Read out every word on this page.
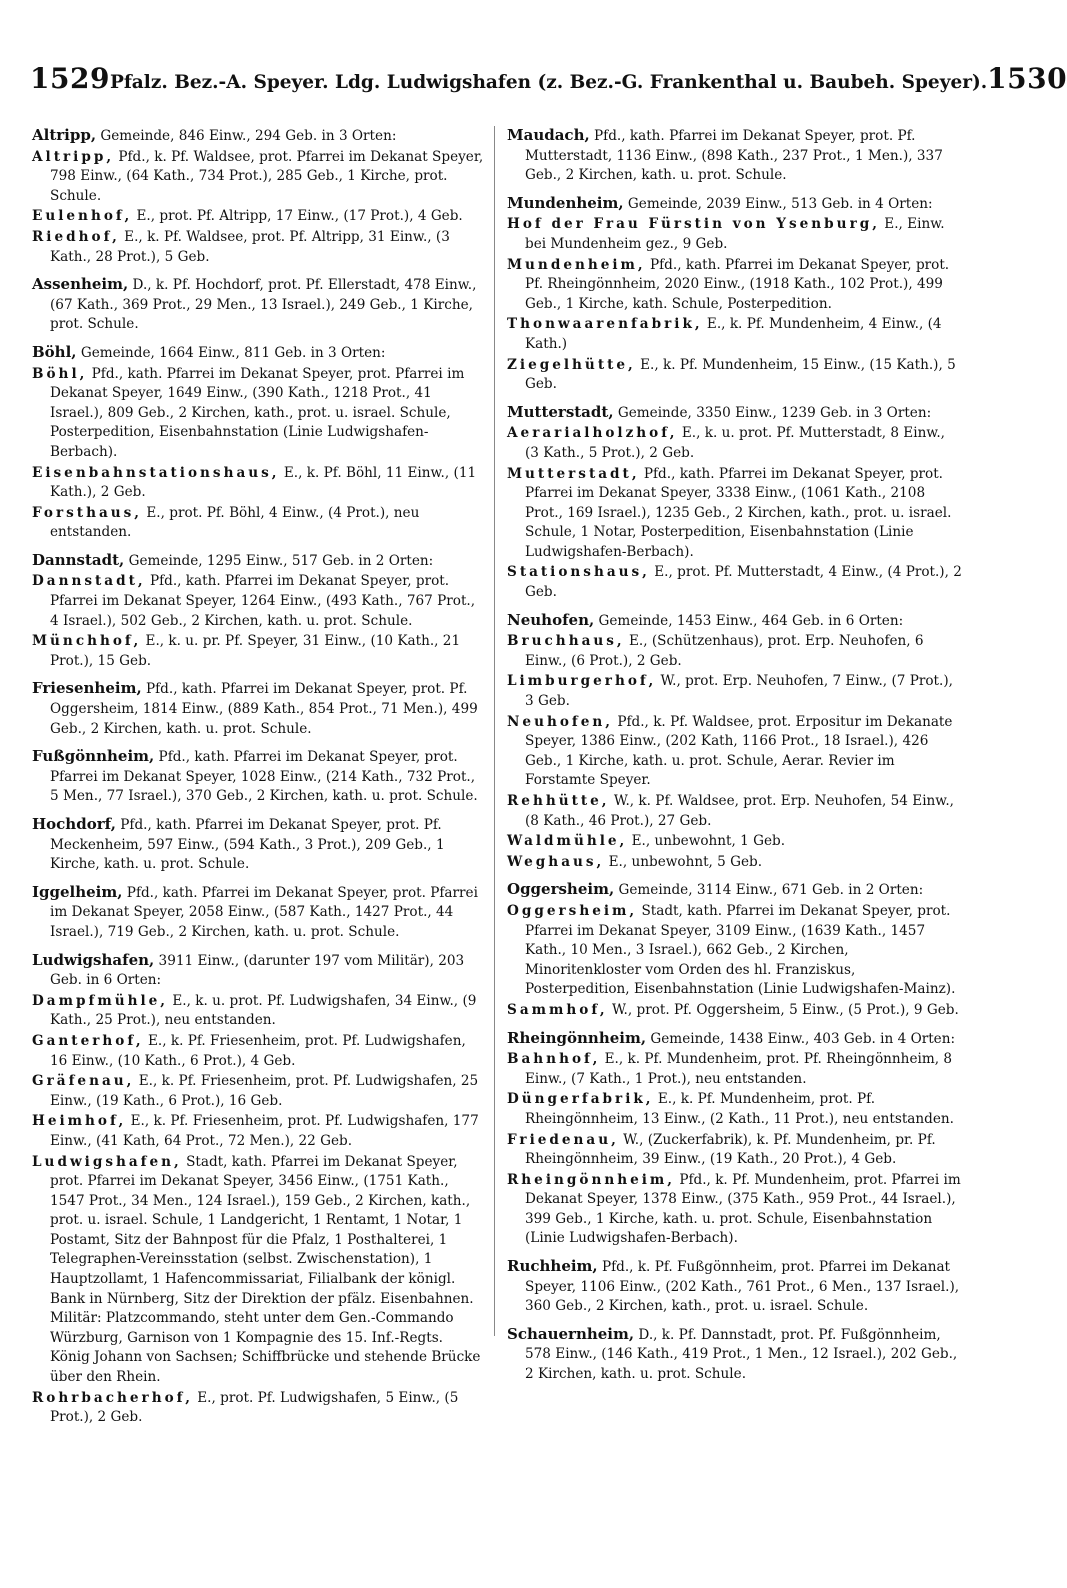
1529 Pfalz. Bez.-A. Speyer. Ldg. Ludwigshafen (z. Bez.-G. Frankenthal u. Baubeh. Speyer). 1530
Altripp, Gemeinde, 846 Einw., 294 Geb. in 3 Orten:
Altripp, Pfd., k. Pf. Waldsee, prot. Pfarrei im Dekanat Speyer, 798 Einw., (64 Kath., 734 Prot.), 285 Geb., 1 Kirche, prot. Schule.
Eulenhof, E., prot. Pf. Altripp, 17 Einw., (17 Prot.), 4 Geb.
Riedhof, E., k. Pf. Waldsee, prot. Pf. Altripp, 31 Einw., (3 Kath., 28 Prot.), 5 Geb.
Assenheim, D., k. Pf. Hochdorf, prot. Pf. Ellerstadt, 478 Einw., (67 Kath., 369 Prot., 29 Men., 13 Israel.), 249 Geb., 1 Kirche, prot. Schule.
Böhl, Gemeinde, 1664 Einw., 811 Geb. in 3 Orten:
Böhl, Pfd., kath. Pfarrei im Dekanat Speyer, prot. Pfarrei im Dekanat Speyer, 1649 Einw., (390 Kath., 1218 Prot., 41 Israel.), 809 Geb., 2 Kirchen, kath., prot. u. israel. Schule, Posterpedition, Eisenbahnstation (Linie Ludwigshafen-Berbach).
Eisenbahnstationshaus, E., k. Pf. Böhl, 11 Einw., (11 Kath.), 2 Geb.
Forsthaus, E., prot. Pf. Böhl, 4 Einw., (4 Prot.), neu entstanden.
Dannstadt, Gemeinde, 1295 Einw., 517 Geb. in 2 Orten:
Dannstadt, Pfd., kath. Pfarrei im Dekanat Speyer, prot. Pfarrei im Dekanat Speyer, 1264 Einw., (493 Kath., 767 Prot., 4 Israel.), 502 Geb., 2 Kirchen, kath. u. prot. Schule.
Münchhof, E., k. u. pr. Pf. Speyer, 31 Einw., (10 Kath., 21 Prot.), 15 Geb.
Friesenheim, Pfd., kath. Pfarrei im Dekanat Speyer, prot. Pf. Oggersheim, 1814 Einw., (889 Kath., 854 Prot., 71 Men.), 499 Geb., 2 Kirchen, kath. u. prot. Schule.
Fußgönnheim, Pfd., kath. Pfarrei im Dekanat Speyer, prot. Pfarrei im Dekanat Speyer, 1028 Einw., (214 Kath., 732 Prot., 5 Men., 77 Israel.), 370 Geb., 2 Kirchen, kath. u. prot. Schule.
Hochdorf, Pfd., kath. Pfarrei im Dekanat Speyer, prot. Pf. Meckenheim, 597 Einw., (594 Kath., 3 Prot.), 209 Geb., 1 Kirche, kath. u. prot. Schule.
Iggelheim, Pfd., kath. Pfarrei im Dekanat Speyer, prot. Pfarrei im Dekanat Speyer, 2058 Einw., (587 Kath., 1427 Prot., 44 Israel.), 719 Geb., 2 Kirchen, kath. u. prot. Schule.
Ludwigshafen, 3911 Einw., (darunter 197 vom Militär), 203 Geb. in 6 Orten:
Dampfmühle, E., k. u. prot. Pf. Ludwigshafen, 34 Einw., (9 Kath., 25 Prot.), neu entstanden.
Ganterhof, E., k. Pf. Friesenheim, prot. Pf. Ludwigshafen, 16 Einw., (10 Kath., 6 Prot.), 4 Geb.
Gräfenau, E., k. Pf. Friesenheim, prot. Pf. Ludwigshafen, 25 Einw., (19 Kath., 6 Prot.), 16 Geb.
Heimhof, E., k. Pf. Friesenheim, prot. Pf. Ludwigshafen, 177 Einw., (41 Kath, 64 Prot., 72 Men.), 22 Geb.
Ludwigshafen, Stadt, kath. Pfarrei im Dekanat Speyer, prot. Pfarrei im Dekanat Speyer, 3456 Einw., (1751 Kath., 1547 Prot., 34 Men., 124 Israel.), 159 Geb., 2 Kirchen, kath., prot. u. israel. Schule, 1 Landgericht, 1 Rentamt, 1 Notar, 1 Postamt, Sitz der Bahnpost für die Pfalz, 1 Posthalterei, 1 Telegraphen-Vereinsstation (selbst. Zwischenstation), 1 Hauptzollamt, 1 Hafencommissariat, Filialbank der königl. Bank in Nürnberg, Sitz der Direktion der pfälz. Eisenbahnen. Militär: Platzcommando, steht unter dem Gen.-Commando Würzburg, Garnison von 1 Kompagnie des 15. Inf.-Regts. König Johann von Sachsen; Schiffbrücke und stehende Brücke über den Rhein.
Rohrbacherhof, E., prot. Pf. Ludwigshafen, 5 Einw., (5 Prot.), 2 Geb.
Maudach, Pfd., kath. Pfarrei im Dekanat Speyer, prot. Pf. Mutterstadt, 1136 Einw., (898 Kath., 237 Prot., 1 Men.), 337 Geb., 2 Kirchen, kath. u. prot. Schule.
Mundenheim, Gemeinde, 2039 Einw., 513 Geb. in 4 Orten:
Hof der Frau Fürstin von Ysenburg, E., Einw. bei Mundenheim gez., 9 Geb.
Mundenheim, Pfd., kath. Pfarrei im Dekanat Speyer, prot. Pf. Rheingönnheim, 2020 Einw., (1918 Kath., 102 Prot.), 499 Geb., 1 Kirche, kath. Schule, Posterpedition.
Thonwaarenfabrik, E., k. Pf. Mundenheim, 4 Einw., (4 Kath.)
Ziegelhütte, E., k. Pf. Mundenheim, 15 Einw., (15 Kath.), 5 Geb.
Mutterstadt, Gemeinde, 3350 Einw., 1239 Geb. in 3 Orten:
Aerarialholzhof, E., k. u. prot. Pf. Mutterstadt, 8 Einw., (3 Kath., 5 Prot.), 2 Geb.
Mutterstadt, Pfd., kath. Pfarrei im Dekanat Speyer, prot. Pfarrei im Dekanat Speyer, 3338 Einw., (1061 Kath., 2108 Prot., 169 Israel.), 1235 Geb., 2 Kirchen, kath., prot. u. israel. Schule, 1 Notar, Posterpedition, Eisenbahnstation (Linie Ludwigshafen-Berbach).
Stationshaus, E., prot. Pf. Mutterstadt, 4 Einw., (4 Prot.), 2 Geb.
Neuhofen, Gemeinde, 1453 Einw., 464 Geb. in 6 Orten:
Bruchhaus, E., (Schützenhaus), prot. Erp. Neuhofen, 6 Einw., (6 Prot.), 2 Geb.
Limburgerhof, W., prot. Erp. Neuhofen, 7 Einw., (7 Prot.), 3 Geb.
Neuhofen, Pfd., k. Pf. Waldsee, prot. Erpositur im Dekanate Speyer, 1386 Einw., (202 Kath, 1166 Prot., 18 Israel.), 426 Geb., 1 Kirche, kath. u. prot. Schule, Aerar. Revier im Forstamte Speyer.
Rehhütte, W., k. Pf. Waldsee, prot. Erp. Neuhofen, 54 Einw., (8 Kath., 46 Prot.), 27 Geb.
Waldmühle, E., unbewohnt, 1 Geb.
Weghaus, E., unbewohnt, 5 Geb.
Oggersheim, Gemeinde, 3114 Einw., 671 Geb. in 2 Orten:
Oggersheim, Stadt, kath. Pfarrei im Dekanat Speyer, prot. Pfarrei im Dekanat Speyer, 3109 Einw., (1639 Kath., 1457 Kath., 10 Men., 3 Israel.), 662 Geb., 2 Kirchen, Minoritenkloster vom Orden des hl. Franziskus, Posterpedition, Eisenbahnstation (Linie Ludwigshafen-Mainz).
Sammhof, W., prot. Pf. Oggersheim, 5 Einw., (5 Prot.), 9 Geb.
Rheingönnheim, Gemeinde, 1438 Einw., 403 Geb. in 4 Orten:
Bahnhof, E., k. Pf. Mundenheim, prot. Pf. Rheingönnheim, 8 Einw., (7 Kath., 1 Prot.), neu entstanden.
Düngerfabrik, E., k. Pf. Mundenheim, prot. Pf. Rheingönnheim, 13 Einw., (2 Kath., 11 Prot.), neu entstanden.
Friedenau, W., (Zuckerfabrik), k. Pf. Mundenheim, pr. Pf. Rheingönnheim, 39 Einw., (19 Kath., 20 Prot.), 4 Geb.
Rheingönnheim, Pfd., k. Pf. Mundenheim, prot. Pfarrei im Dekanat Speyer, 1378 Einw., (375 Kath., 959 Prot., 44 Israel.), 399 Geb., 1 Kirche, kath. u. prot. Schule, Eisenbahnstation (Linie Ludwigshafen-Berbach).
Ruchheim, Pfd., k. Pf. Fußgönnheim, prot. Pfarrei im Dekanat Speyer, 1106 Einw., (202 Kath., 761 Prot., 6 Men., 137 Israel.), 360 Geb., 2 Kirchen, kath., prot. u. israel. Schule.
Schauernheim, D., k. Pf. Dannstadt, prot. Pf. Fußgönnheim, 578 Einw., (146 Kath., 419 Prot., 1 Men., 12 Israel.), 202 Geb., 2 Kirchen, kath. u. prot. Schule.
